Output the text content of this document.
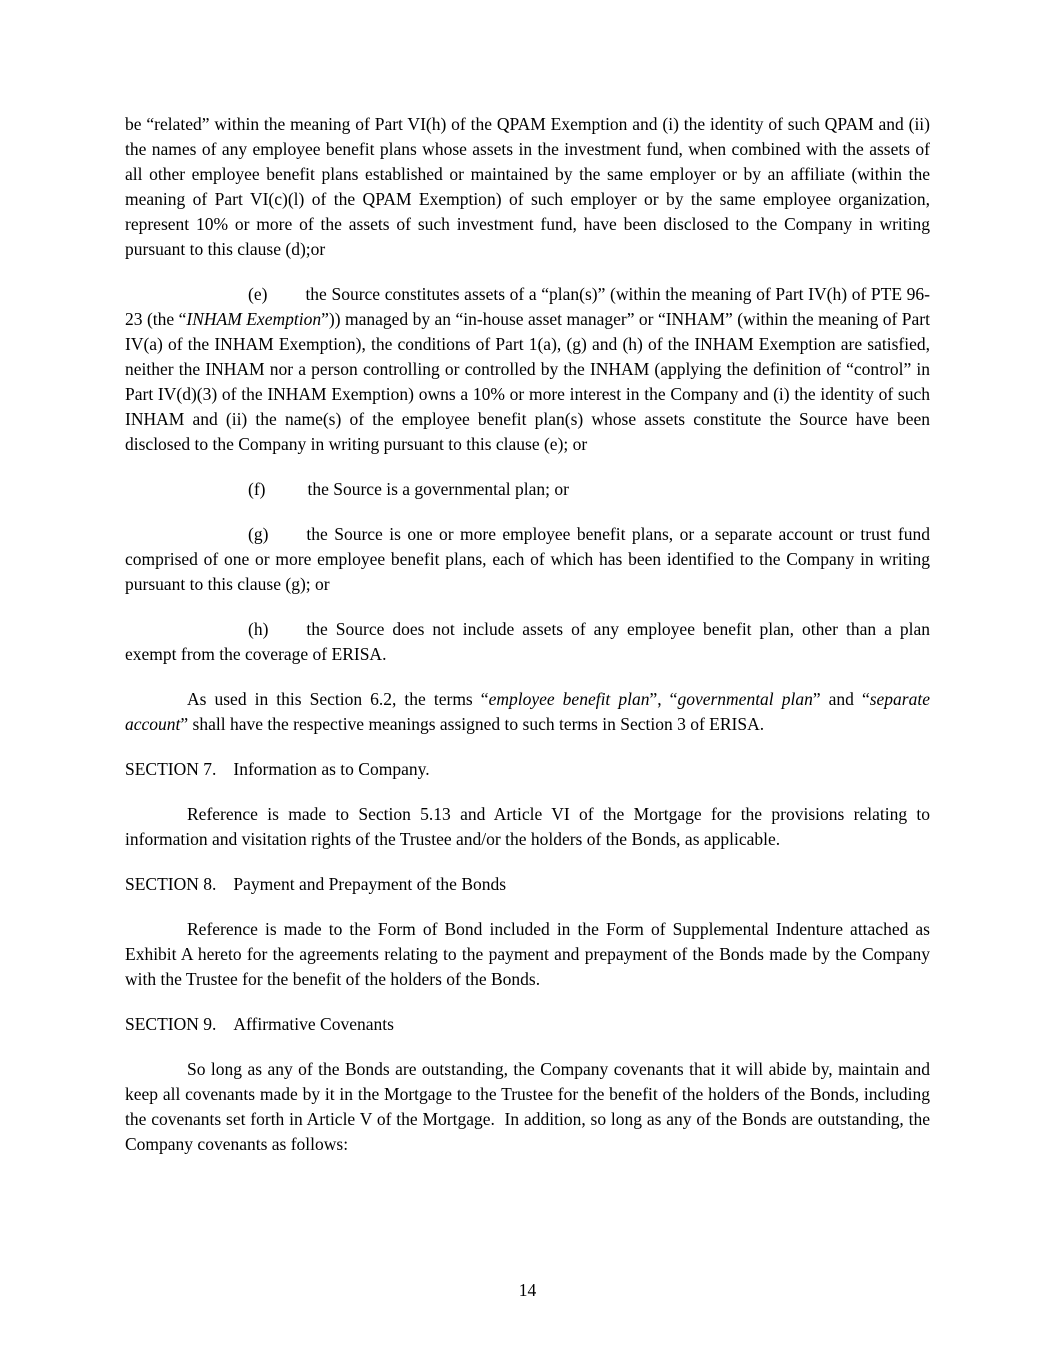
be “related” within the meaning of Part VI(h) of the QPAM Exemption and (i) the identity of such QPAM and (ii) the names of any employee benefit plans whose assets in the investment fund, when combined with the assets of all other employee benefit plans established or maintained by the same employer or by an affiliate (within the meaning of Part VI(c)(l) of the QPAM Exemption) of such employer or by the same employee organization, represent 10% or more of the assets of such investment fund, have been disclosed to the Company in writing pursuant to this clause (d);or

(e) the Source constitutes assets of a “plan(s)” (within the meaning of Part IV(h) of PTE 96-23 (the “INHAM Exemption”)) managed by an “in-house asset manager” or “INHAM” (within the meaning of Part IV(a) of the INHAM Exemption), the conditions of Part 1(a), (g) and (h) of the INHAM Exemption are satisfied, neither the INHAM nor a person controlling or controlled by the INHAM (applying the definition of “control” in Part IV(d)(3) of the INHAM Exemption) owns a 10% or more interest in the Company and (i) the identity of such INHAM and (ii) the name(s) of the employee benefit plan(s) whose assets constitute the Source have been disclosed to the Company in writing pursuant to this clause (e); or

(f) the Source is a governmental plan; or

(g) the Source is one or more employee benefit plans, or a separate account or trust fund comprised of one or more employee benefit plans, each of which has been identified to the Company in writing pursuant to this clause (g); or

(h) the Source does not include assets of any employee benefit plan, other than a plan exempt from the coverage of ERISA.

As used in this Section 6.2, the terms “employee benefit plan”, “governmental plan” and “separate account” shall have the respective meanings assigned to such terms in Section 3 of ERISA.

SECTION 7. Information as to Company.

Reference is made to Section 5.13 and Article VI of the Mortgage for the provisions relating to information and visitation rights of the Trustee and/or the holders of the Bonds, as applicable.

SECTION 8. Payment and Prepayment of the Bonds

Reference is made to the Form of Bond included in the Form of Supplemental Indenture attached as Exhibit A hereto for the agreements relating to the payment and prepayment of the Bonds made by the Company with the Trustee for the benefit of the holders of the Bonds.

SECTION 9. Affirmative Covenants

So long as any of the Bonds are outstanding, the Company covenants that it will abide by, maintain and keep all covenants made by it in the Mortgage to the Trustee for the benefit of the holders of the Bonds, including the covenants set forth in Article V of the Mortgage.  In addition, so long as any of the Bonds are outstanding, the Company covenants as follows:

14
